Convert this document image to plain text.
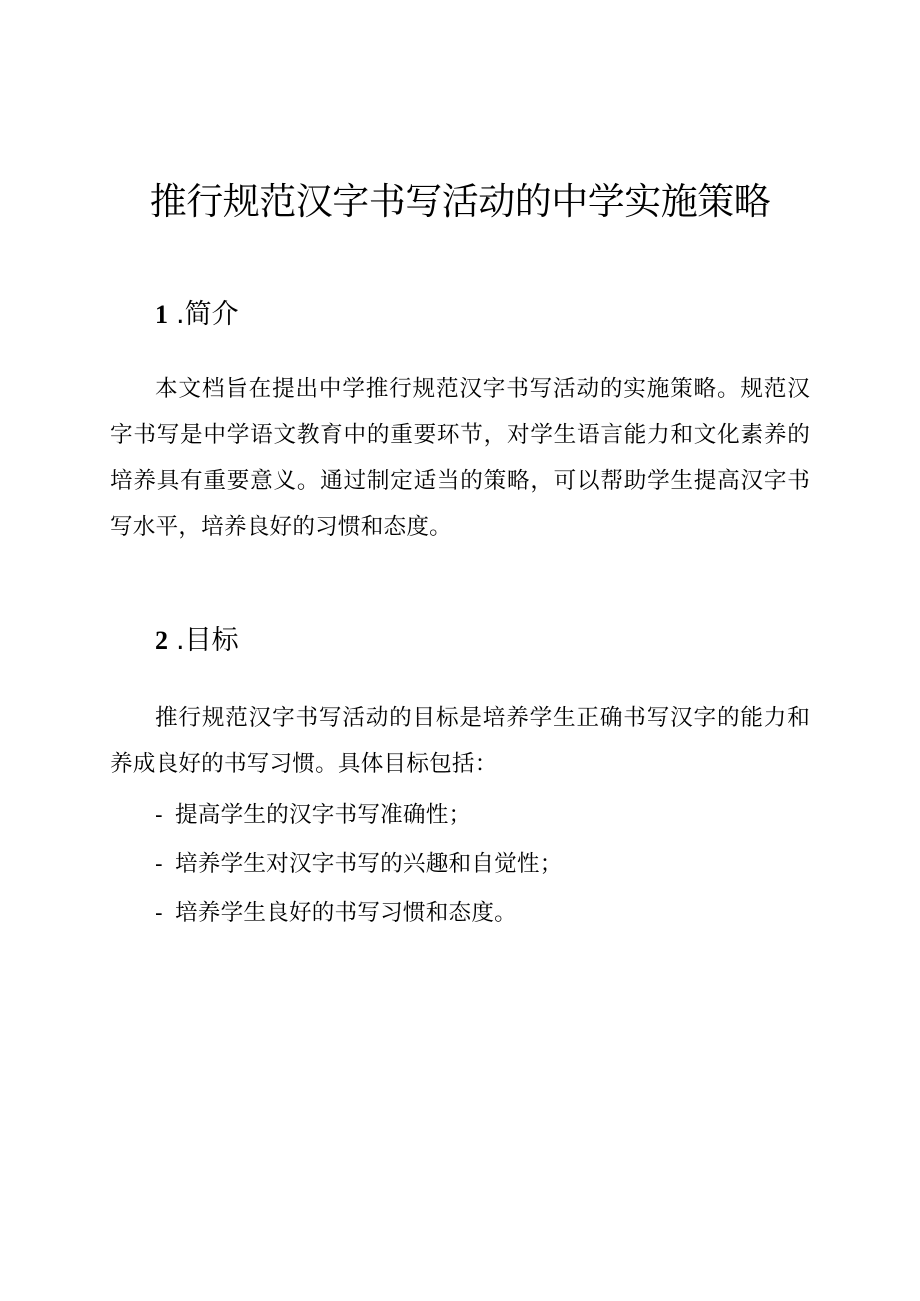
推行规范汉字书写活动的中学实施策略
1 .简介

本文档旨在提出中学推行规范汉字书写活动的实施策略。规范汉字书写是中学语文教育中的重要环节，对学生语言能力和文化素养的培养具有重要意义。通过制定适当的策略，可以帮助学生提高汉字书写水平，培养良好的习惯和态度。

2 .目标

推行规范汉字书写活动的目标是培养学生正确书写汉字的能力和养成良好的书写习惯。具体目标包括：

- 提高学生的汉字书写准确性；
- 培养学生对汉字书写的兴趣和自觉性；
- 培养学生良好的书写习惯和态度。
